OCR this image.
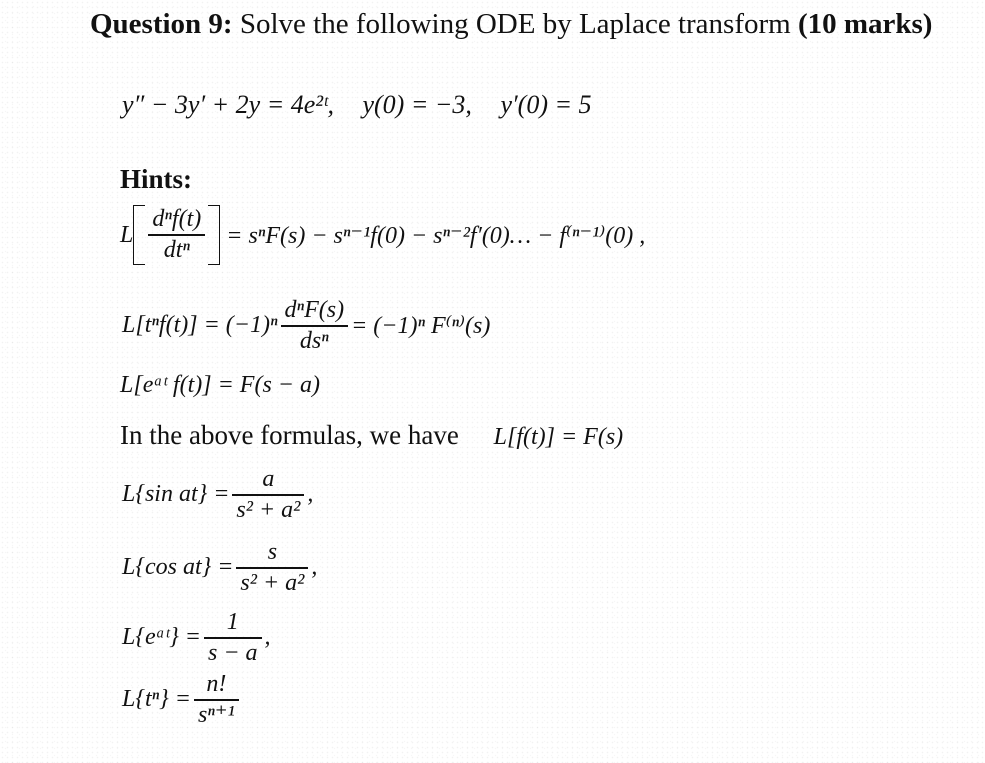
Question 9: Solve the following ODE by Laplace transform (10 marks)
y″ − 3y′ + 2y = 4e²ᵗ, y(0) = −3, y′(0) = 5
Hints:
L $\frac{\text{dⁿf(t)}}{\text{dtⁿ}} = s^nF(s) - s^{n-1}f(0)$ − sⁿ⁻²f′(0)… − f⁽ⁿ⁻¹⁾(0) ,
$L[t^nf(t)] = (-1)^n \frac{\text{dⁿF(s)}}{\text{dsⁿ}} = (-1)^n$ F⁽ⁿ⁾(s)
L[eᵃᵗ f(t)] = F(s − a)
In the above formulas, we have L[f(t)] = F(s)
L{sin $at\} = \frac{a}{\text{s² + a²}}$ ,
L{cos $at\} = \frac{s}{\text{s² + a²}}$ ,
L{eᵃᵗ} = $\frac{1}{s - a}$ ,
$L\{t^n\} = \frac{n!}{\text{sⁿ⁺¹}}$
